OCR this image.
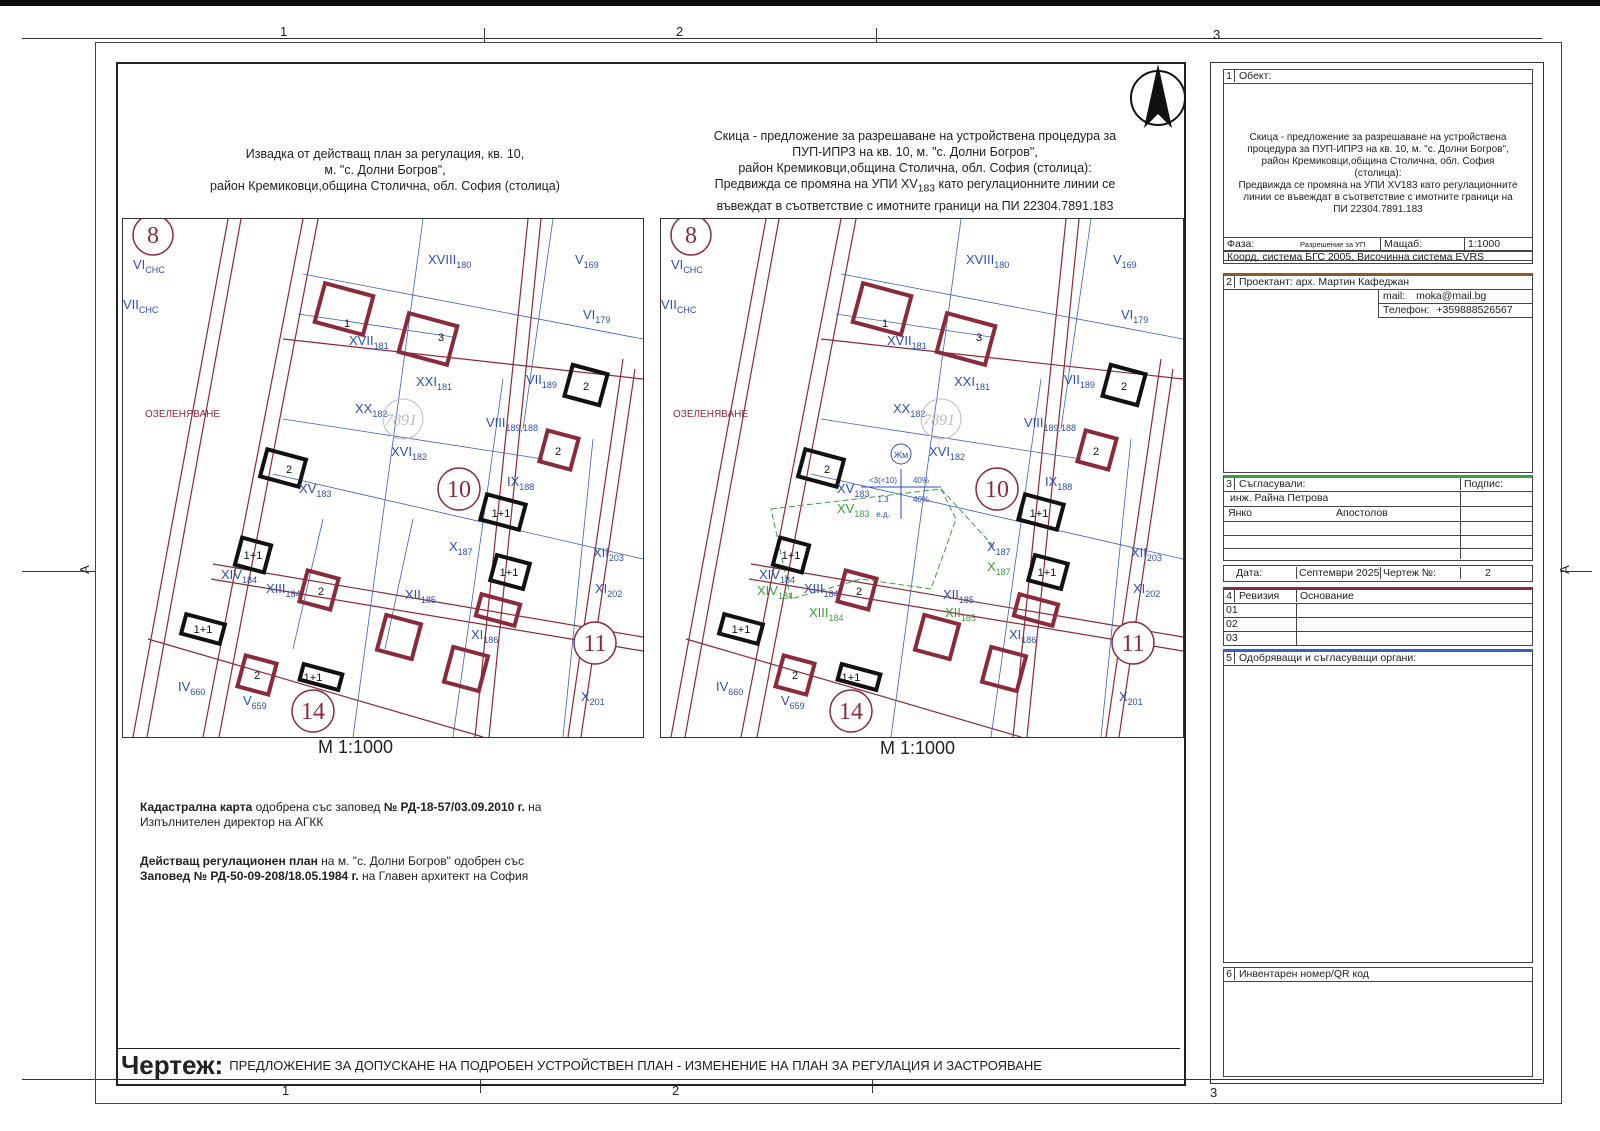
1	2	3
1	2	3
A	A
Извадка от действащ план за регулация, кв. 10,
м. "с. Долни Богров",
район Кремиковци,община Столична, обл. София (столица)
Скица - предложение за разрешаване на устройствена процедура за
ПУП-ИПРЗ на кв. 10, м. "с. Долни Богров",
район Кремиковци,община Столична, обл. София (столица):
Предвижда се промяна на УПИ $XV_{183}$ като регулационните линии се
въвеждат в съответствие с имотните граници на ПИ 22304.7891.183
8
10
11
14
$XVIII_{180}$	$V_{169}$
$VI_{179}$
$XVII_{181}$
$XXI_{181}$	$VII_{189}$
$XX_{182}$
$VIII_{189,188}$
$XVI_{182}$
$XV_{183}$
$IX_{188}$
$X_{187}$
$XIV_{184}$
$XIII_{184}$	$XII_{185}$
$XI_{186}$
$XII_{203}$
$XI_{202}$
$X_{201}$
$IV_{660}$
$V_{659}$
$VI_{СНС}$
$VII_{СНС}$
ОЗЕЛЕНЯВАНЕ
1
3
2
2
2
1+1
1+1
1+1
2
1+1
2	1+1
7891
М 1:1000
8
10
11
14
$XVIII_{180}$	$V_{169}$
$VI_{179}$
$XVII_{181}$
$XXI_{181}$	$VII_{189}$
$XX_{182}$
$VIII_{189,188}$
$XVI_{182}$
$XV_{183}$
$IX_{188}$
$X_{187}$
$XIV_{184}$
$XIII_{184}$	$XII_{185}$
$XI_{186}$
$XII_{203}$
$XI_{202}$
$X_{201}$
$IV_{660}$
$V_{659}$
$VI_{СНС}$
$VII_{СНС}$
$XV_{183}$
$XIV_{184}$
$XIII_{184}$	$XII_{185}$
$X_{187}$
Жм
<3(<10) 40%
1.3	40%
е.д.
ОЗЕЛЕНЯВАНЕ
1
3
2
2
2
1+1
1+1
1+1
2
1+1
2	1+1
7891
М 1:1000
Кадастрална карта одобрена със заповед № РД-18-57/03.09.2010 г. на
Изпълнителен директор на АГКК
Действащ регулационен план на м. "с. Долни Богров" одобрен със
Заповед № РД-50-09-208/18.05.1984 г. на Главен архитект на София
Чертеж: ПРЕДЛОЖЕНИЕ ЗА ДОПУСКАНЕ НА ПОДРОБЕН УСТРОЙСТВЕН ПЛАН - ИЗМЕНЕНИЕ НА ПЛАН ЗА РЕГУЛАЦИЯ И ЗАСТРОЯВАНЕ
1 Обект:
Скица - предложение за разрешаване на устройствена
процедура за ПУП-ИПРЗ на кв. 10, м. "с. Долни Богров",
район Кремиковци,община Столична, обл. София
(столица):
Предвижда се промяна на УПИ XV183 като регулационните
линии се въвеждат в съответствие с имотните граници на
ПИ 22304.7891.183
Фаза:	Разрешение за УП	Мащаб:	1:1000
Коорд. система БГС 2005, Височинна система EVRS
2 Проектант: арх. Мартин Кафеджан
mail: moka@mail.bg
Телефон: +359888526567
3 Съгласували:	Подпис:
инж. Райна Петрова
Янко	Апостолов
Дата:	Септември 2025 Чертеж №:	2
4 Ревизия	Основание
01
02
03
5 Одобряващи и съгласуващи органи:
6 Инвентарен номер/QR код
